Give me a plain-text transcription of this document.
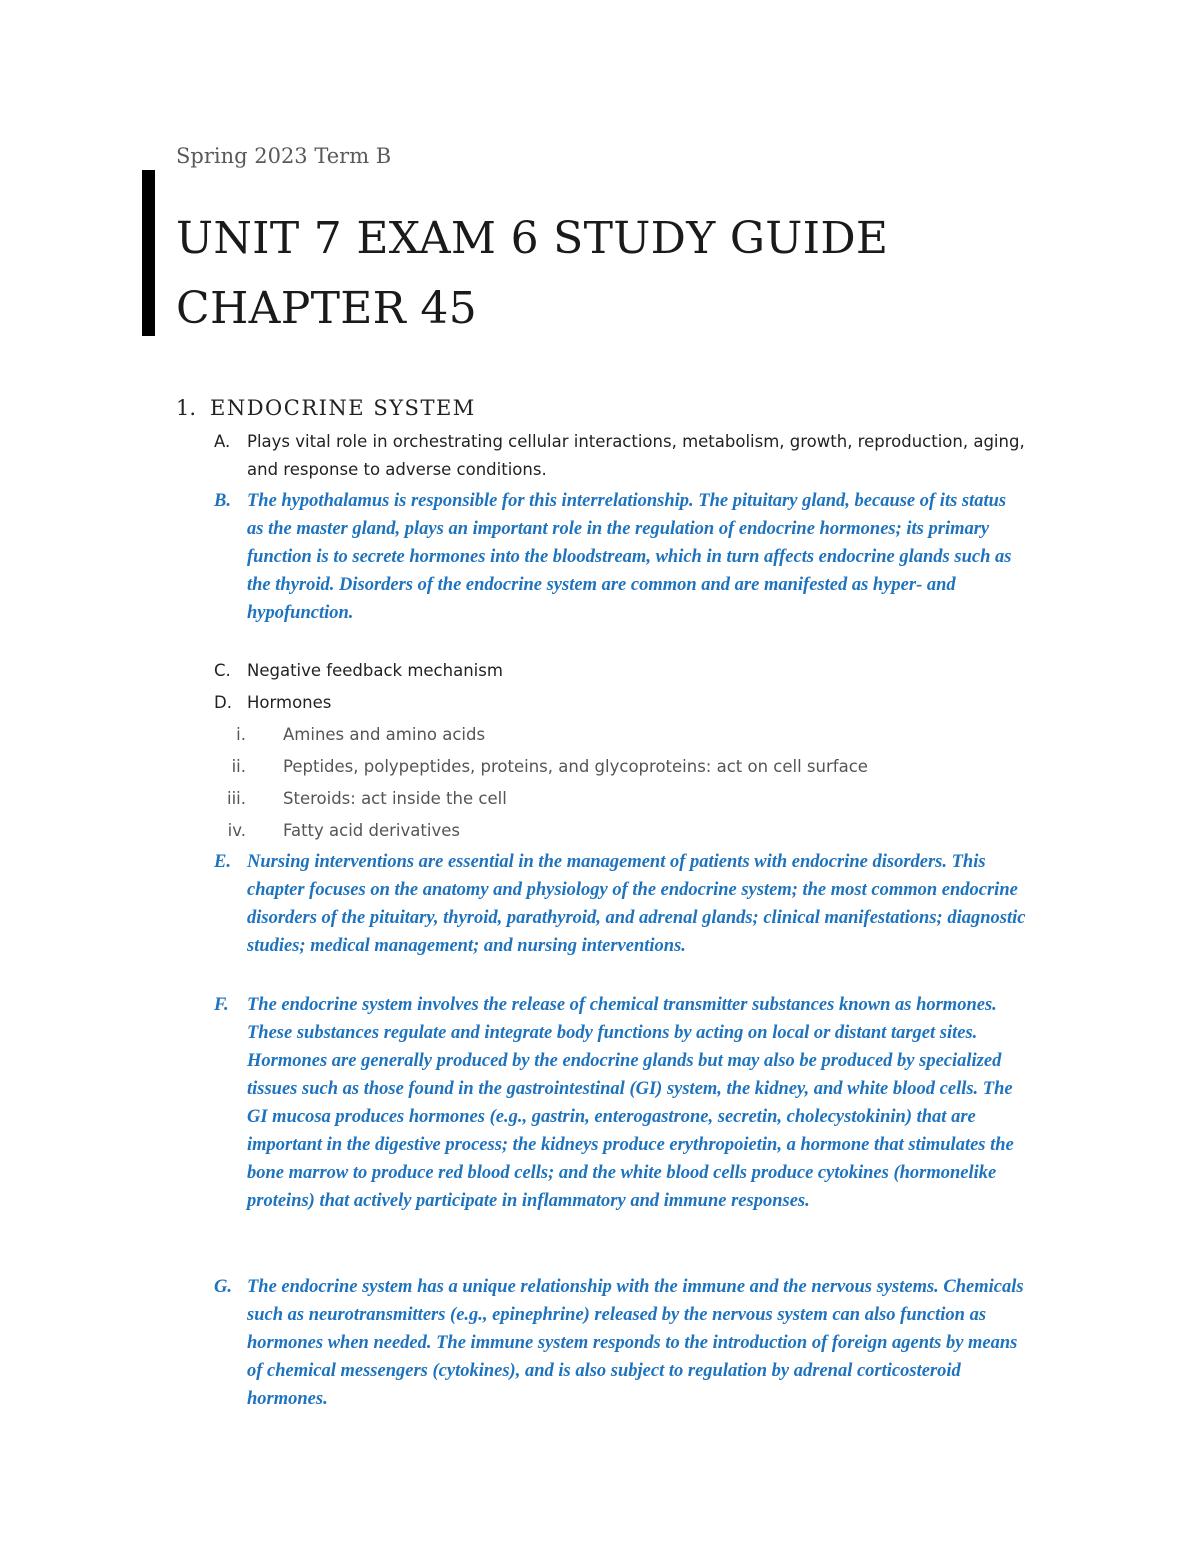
Spring 2023 Term B
UNIT 7 EXAM 6 STUDY GUIDE
CHAPTER 45
1. ENDOCRINE SYSTEM
A.	Plays vital role in orchestrating cellular interactions, metabolism, growth, reproduction, aging, and response to adverse conditions.
B. The hypothalamus is responsible for this interrelationship. The pituitary gland, because of its status as the master gland, plays an important role in the regulation of endocrine hormones; its primary function is to secrete hormones into the bloodstream, which in turn affects endocrine glands such as the thyroid. Disorders of the endocrine system are common and are manifested as hyper- and hypofunction.
C. Negative feedback mechanism
D. Hormones
i. Amines and amino acids
ii. Peptides, polypeptides, proteins, and glycoproteins: act on cell surface
iii. Steroids: act inside the cell
iv. Fatty acid derivatives
E. Nursing interventions are essential in the management of patients with endocrine disorders. This chapter focuses on the anatomy and physiology of the endocrine system; the most common endocrine disorders of the pituitary, thyroid, parathyroid, and adrenal glands; clinical manifestations; diagnostic studies; medical management; and nursing interventions.
F. The endocrine system involves the release of chemical transmitter substances known as hormones. These substances regulate and integrate body functions by acting on local or distant target sites. Hormones are generally produced by the endocrine glands but may also be produced by specialized tissues such as those found in the gastrointestinal (GI) system, the kidney, and white blood cells. The GI mucosa produces hormones (e.g., gastrin, enterogastrone, secretin, cholecystokinin) that are important in the digestive process; the kidneys produce erythropoietin, a hormone that stimulates the bone marrow to produce red blood cells; and the white blood cells produce cytokines (hormonelike proteins) that actively participate in inflammatory and immune responses.
G. The endocrine system has a unique relationship with the immune and the nervous systems. Chemicals such as neurotransmitters (e.g., epinephrine) released by the nervous system can also function as hormones when needed. The immune system responds to the introduction of foreign agents by means of chemical messengers (cytokines), and is also subject to regulation by adrenal corticosteroid hormones.
